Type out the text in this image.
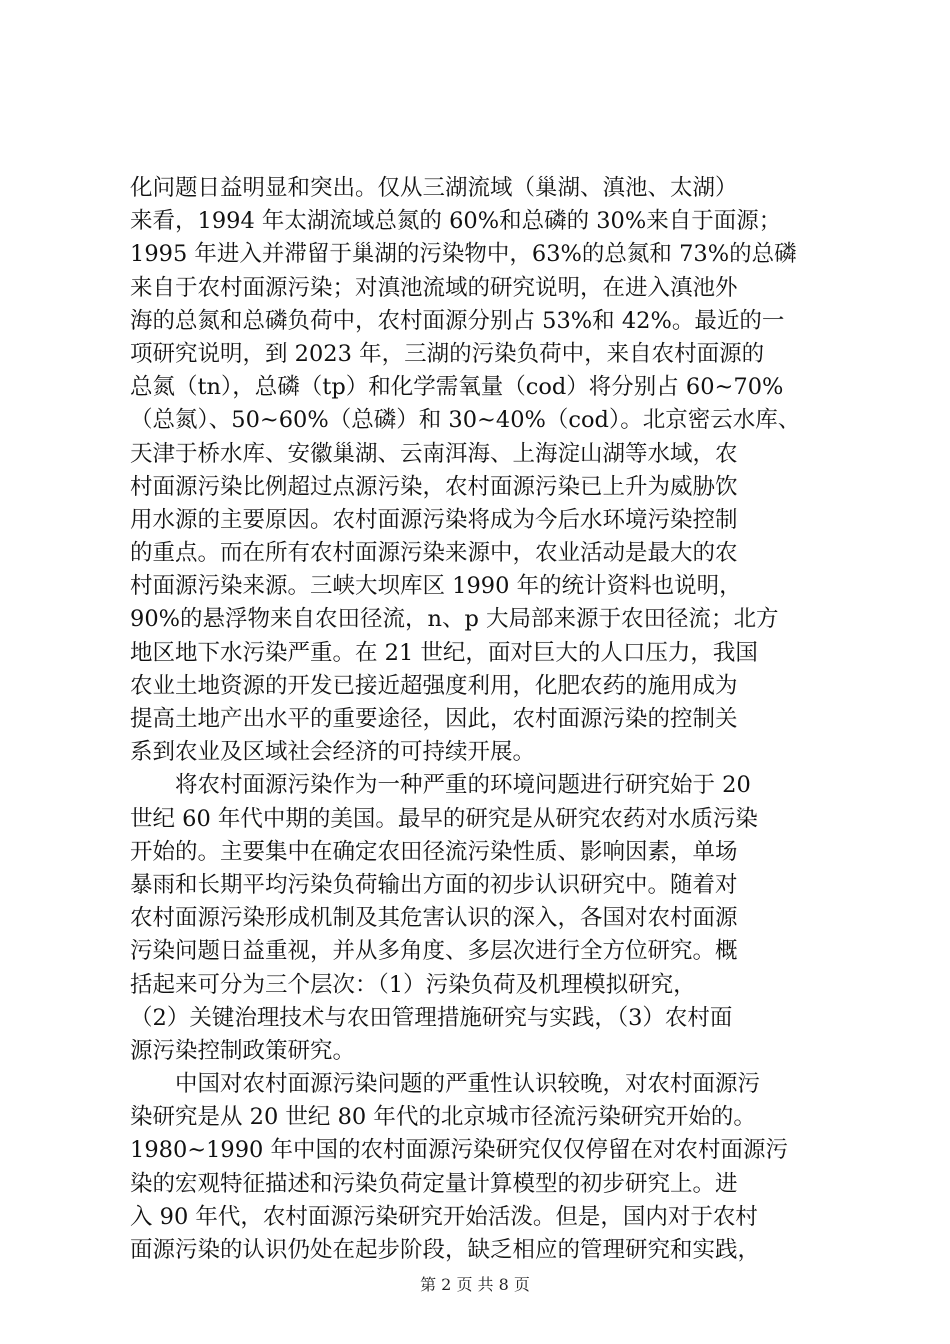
化问题日益明显和突出。仅从三湖流域（巢湖、滇池、太湖）
来看，1994 年太湖流域总氮的 60%和总磷的 30%来自于面源；
1995 年进入并滞留于巢湖的污染物中，63%的总氮和 73%的总磷
来自于农村面源污染；对滇池流域的研究说明，在进入滇池外
海的总氮和总磷负荷中，农村面源分别占 53%和 42%。最近的一
项研究说明，到 2023 年，三湖的污染负荷中，来自农村面源的
总氮（tn），总磷（tp）和化学需氧量（cod）将分别占 60~70%
（总氮）、50~60%（总磷）和 30~40%（cod）。北京密云水库、
天津于桥水库、安徽巢湖、云南洱海、上海淀山湖等水域，农
村面源污染比例超过点源污染，农村面源污染已上升为威胁饮
用水源的主要原因。农村面源污染将成为今后水环境污染控制
的重点。而在所有农村面源污染来源中，农业活动是最大的农
村面源污染来源。三峡大坝库区 1990 年的统计资料也说明，
90%的悬浮物来自农田径流，n、p 大局部来源于农田径流；北方
地区地下水污染严重。在 21 世纪，面对巨大的人口压力，我国
农业土地资源的开发已接近超强度利用，化肥农药的施用成为
提高土地产出水平的重要途径，因此，农村面源污染的控制关
系到农业及区域社会经济的可持续开展。
　　将农村面源污染作为一种严重的环境问题进行研究始于 20
世纪 60 年代中期的美国。最早的研究是从研究农药对水质污染
开始的。主要集中在确定农田径流污染性质、影响因素，单场
暴雨和长期平均污染负荷输出方面的初步认识研究中。随着对
农村面源污染形成机制及其危害认识的深入，各国对农村面源
污染问题日益重视，并从多角度、多层次进行全方位研究。概
括起来可分为三个层次：（1）污染负荷及机理模拟研究，
（2）关键治理技术与农田管理措施研究与实践，（3）农村面
源污染控制政策研究。
　　中国对农村面源污染问题的严重性认识较晚，对农村面源污
染研究是从 20 世纪 80 年代的北京城市径流污染研究开始的。
1980~1990 年中国的农村面源污染研究仅仅停留在对农村面源污
染的宏观特征描述和污染负荷定量计算模型的初步研究上。进
入 90 年代，农村面源污染研究开始活泼。但是，国内对于农村
面源污染的认识仍处在起步阶段，缺乏相应的管理研究和实践，
第 2 页 共 8 页
